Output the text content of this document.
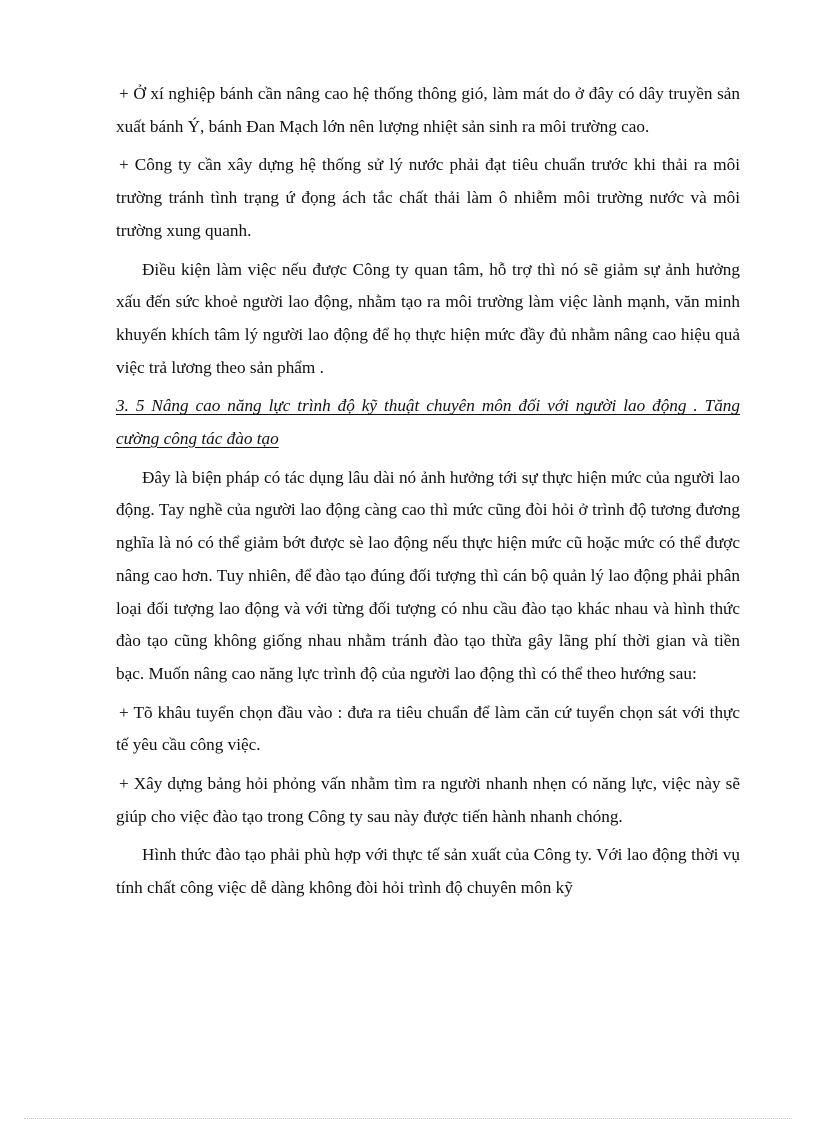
+ Ở xí nghiệp bánh cần nâng cao hệ thống thông gió, làm mát do ở đây có dây truyền sản xuất bánh Ý, bánh Đan Mạch lớn nên lượng nhiệt sản sinh ra môi trường cao.

+ Công ty cần xây dựng hệ thống sử lý nước phải đạt tiêu chuẩn trước khi thải ra môi trường tránh tình trạng ứ đọng ách tắc chất thải làm ô nhiễm môi trường nước và môi trường xung quanh.

Điều kiện làm việc nếu được Công ty quan tâm, hỗ trợ thì nó sẽ giảm sự ảnh hưởng xấu đến sức khoẻ người lao động, nhằm tạo ra môi trường làm việc lành mạnh, văn minh khuyến khích tâm lý người lao động để họ thực hiện mức đầy đủ nhằm nâng cao hiệu quả việc trả lương theo sản phẩm .

3. 5 Nâng cao năng lực trình độ kỹ thuật chuyên môn đối với người lao động . Tăng cường công tác đào tạo

Đây là biện pháp có tác dụng lâu dài nó ảnh hưởng tới sự thực hiện mức của người lao động. Tay nghề của người lao động càng cao thì mức cũng đòi hỏi ở trình độ tương đương nghĩa là nó có thể giảm bớt được sè lao động nếu thực hiện mức cũ hoặc mức có thể được nâng cao hơn. Tuy nhiên, để đào tạo đúng đối tượng thì cán bộ quản lý lao động phải phân loại đối tượng lao động và với từng đối tượng có nhu cầu đào tạo khác nhau và hình thức đào tạo cũng không giống nhau nhằm tránh đào tạo thừa gây lãng phí thời gian và tiền bạc. Muốn nâng cao năng lực trình độ của người lao động thì có thể theo hướng sau:

+ Tõ khâu tuyển chọn đầu vào : đưa ra tiêu chuẩn để làm căn cứ tuyển chọn sát với thực tế yêu cầu công việc.

+ Xây dựng bảng hỏi phỏng vấn nhằm tìm ra người nhanh nhẹn có năng lực, việc này sẽ giúp cho việc đào tạo trong Công ty sau này được tiến hành nhanh chóng.

Hình thức đào tạo phải phù hợp với thực tế sản xuất của Công ty. Với lao động thời vụ tính chất công việc dễ dàng không đòi hỏi trình độ chuyên môn kỹ
